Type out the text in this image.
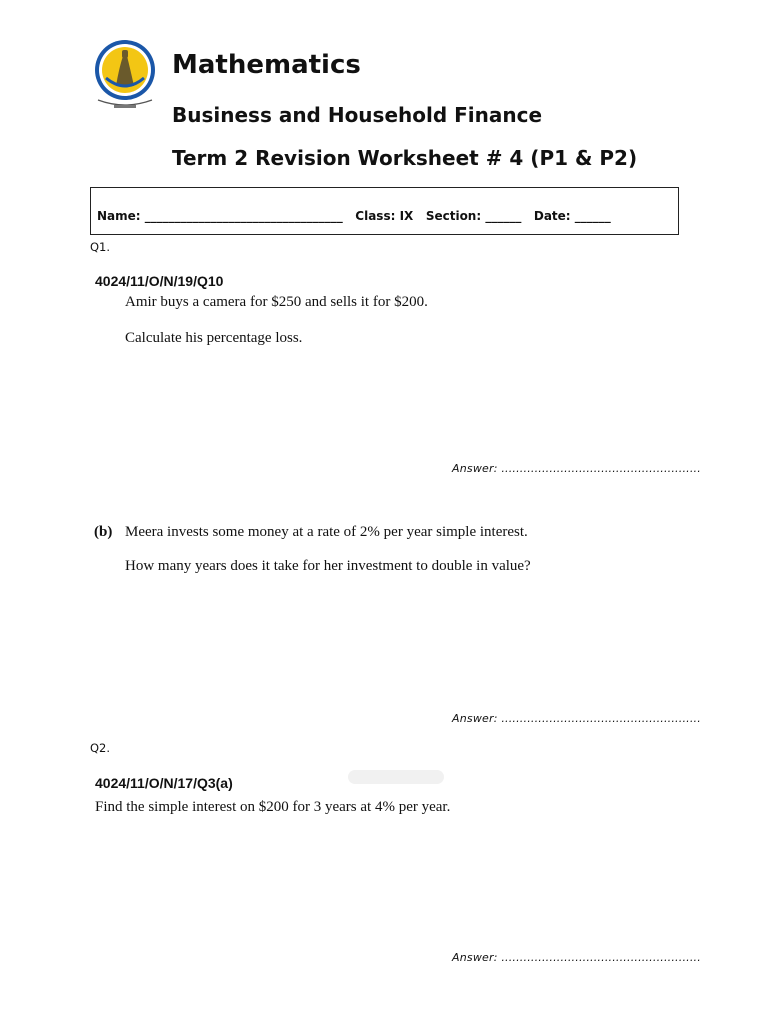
Mathematics
Business and Household Finance
Term 2 Revision Worksheet # 4 (P1 & P2)
Name: _________________________________   Class: IX   Section: ______   Date: ______
Q1.
4024/11/O/N/19/Q10
Amir buys a camera for $250 and sells it for $200.
Calculate his percentage loss.
Answer: ......................................................
(b) Meera invests some money at a rate of 2% per year simple interest.
How many years does it take for her investment to double in value?
Answer: ......................................................
Q2.
4024/11/O/N/17/Q3(a)
Find the simple interest on $200 for 3 years at 4% per year.
Answer: ......................................................
